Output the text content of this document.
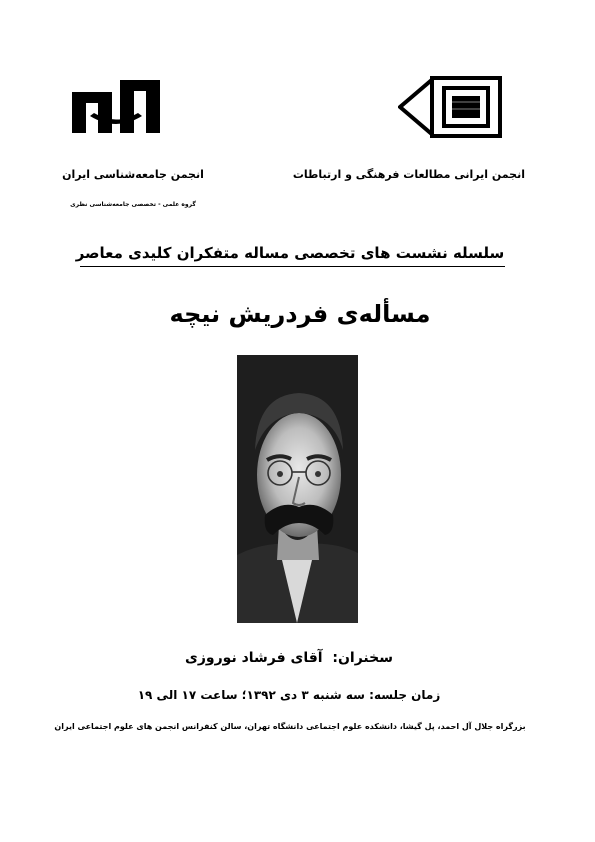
انجمن جامعه‌شناسی ایران
گروه علمی - تخصصی جامعه‌شناسی نظری
انجمن ایرانی مطالعات فرهنگی و ارتباطات
سلسله نشست های تخصصی مساله متفکران کلیدی معاصر
مسأله‌ی فردریش نیچه
سخنران:  آقای فرشاد نوروزی
زمان جلسه: سه شنبه ۳ دی ۱۳۹۲؛ ساعت ۱۷ الی ۱۹
بزرگراه جلال آل احمد، پل گیشا، دانشکده علوم اجتماعی دانشگاه تهران، سالن کنفرانس انجمن های علوم اجتماعی ایران
